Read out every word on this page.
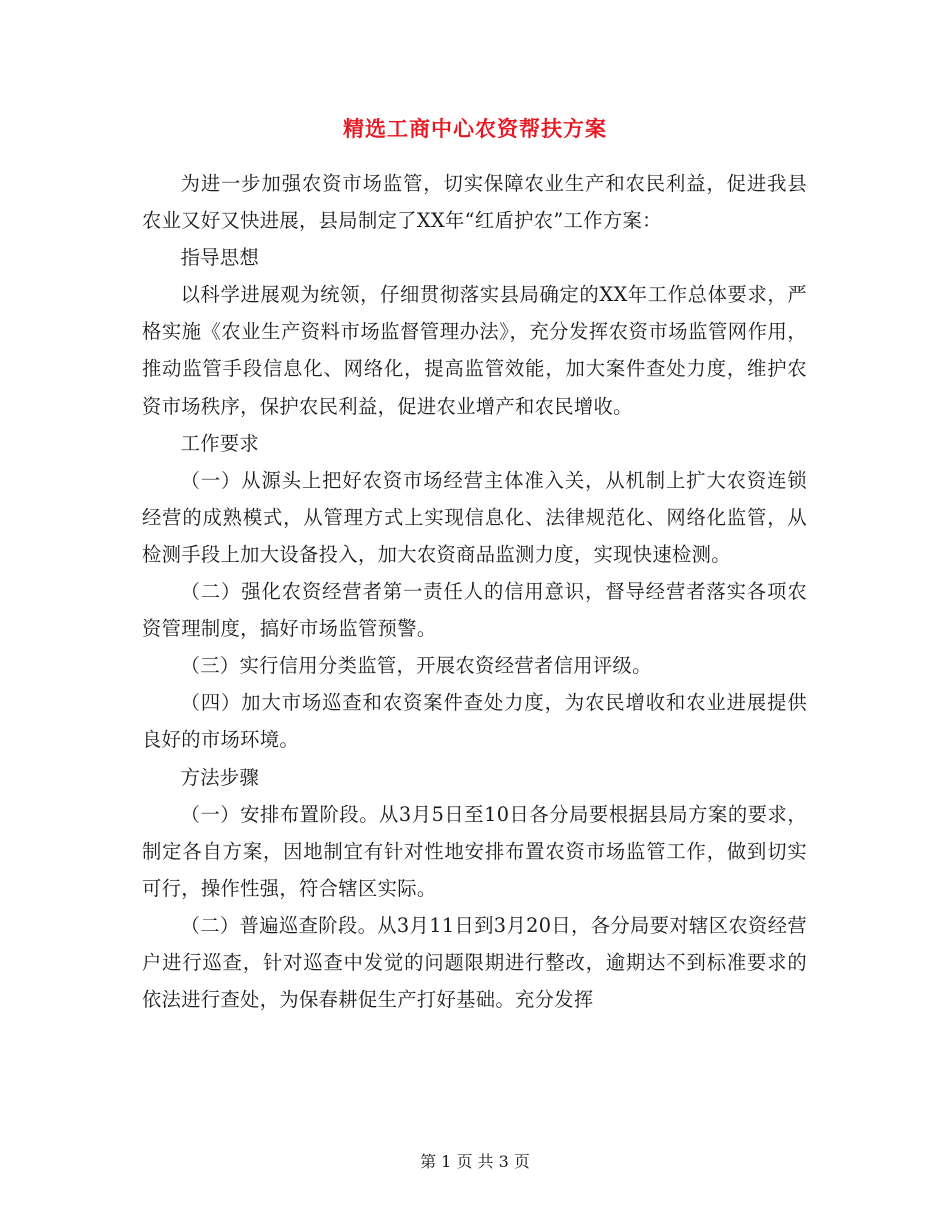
精选工商中心农资帮扶方案

为进一步加强农资市场监管，切实保障农业生产和农民利益，促进我县农业又好又快进展，县局制定了XX年“红盾护农”工作方案：

指导思想

以科学进展观为统领，仔细贯彻落实县局确定的XX年工作总体要求，严格实施《农业生产资料市场监督管理办法》，充分发挥农资市场监管网作用，推动监管手段信息化、网络化，提高监管效能，加大案件查处力度，维护农资市场秩序，保护农民利益，促进农业增产和农民增收。

工作要求

（一）从源头上把好农资市场经营主体准入关，从机制上扩大农资连锁经营的成熟模式，从管理方式上实现信息化、法律规范化、网络化监管，从检测手段上加大设备投入，加大农资商品监测力度，实现快速检测。

（二）强化农资经营者第一责任人的信用意识，督导经营者落实各项农资管理制度，搞好市场监管预警。

（三）实行信用分类监管，开展农资经营者信用评级。

（四）加大市场巡查和农资案件查处力度，为农民增收和农业进展提供良好的市场环境。

方法步骤

（一）安排布置阶段。从3月5日至10日各分局要根据县局方案的要求，制定各自方案，因地制宜有针对性地安排布置农资市场监管工作，做到切实可行，操作性强，符合辖区实际。

（二）普遍巡查阶段。从3月11日到3月20日，各分局要对辖区农资经营户进行巡查，针对巡查中发觉的问题限期进行整改，逾期达不到标准要求的依法进行查处，为保春耕促生产打好基础。充分发挥

第 1 页 共 3 页
